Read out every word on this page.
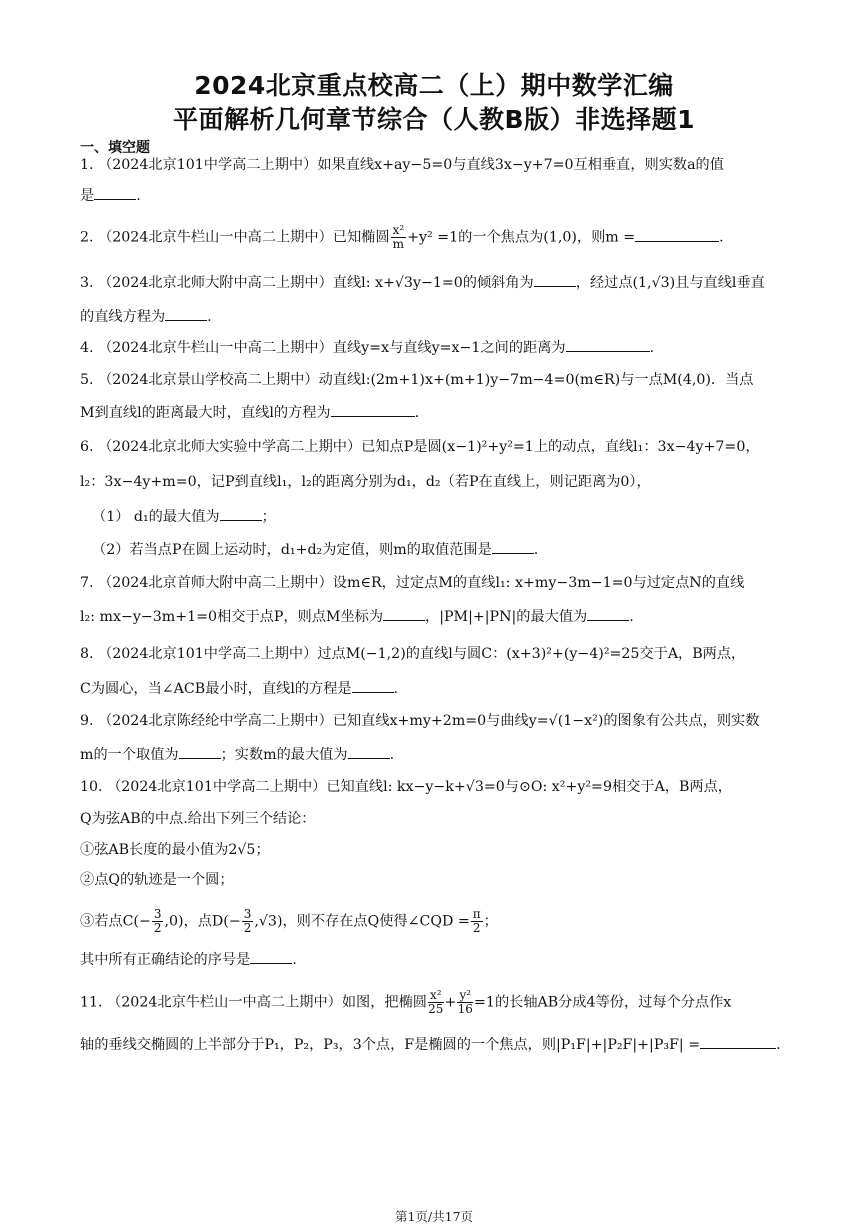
2024北京重点校高二（上）期中数学汇编
平面解析几何章节综合（人教B版）非选择题1
一、填空题
1. （2024北京101中学高二上期中）如果直线x+ay−5=0与直线3x−y+7=0互相垂直，则实数a的值
是	.
2. （2024北京牛栏山一中高二上期中）已知椭圆 $\frac{\text{x²}}{m} +y^2 =1$的一个焦点为(1,0)，则m =	.
3. （2024北京北师大附中高二上期中）直线l: x+√3y−1=0的倾斜角为	，经过点(1,√3)且与直线l垂直
的直线方程为	.
4. （2024北京牛栏山一中高二上期中）直线y=x与直线y=x−1之间的距离为	.
5. （2024北京景山学校高二上期中）动直线l:(2m+1)x+(m+1)y−7m−4=0(m∈R)与一点M(4,0)．当点
M到直线l的距离最大时，直线l的方程为	.
6. （2024北京北师大实验中学高二上期中）已知点P是圆(x−1)²+y²=1上的动点，直线l₁：3x−4y+7=0，
l₂：3x−4y+m=0，记P到直线l₁，l₂的距离分别为d₁，d₂（若P在直线上，则记距离为0），
（1） d₁的最大值为	；
（2）若当点P在圆上运动时，d₁+d₂为定值，则m的取值范围是	.
7. （2024北京首师大附中高二上期中）设m∈R，过定点M的直线l₁: x+my−3m−1=0与过定点N的直线
l₂: mx−y−3m+1=0相交于点P，则点M坐标为	，|PM|+|PN|的最大值为	.
8. （2024北京101中学高二上期中）过点M(−1,2)的直线l与圆C：(x+3)²+(y−4)²=25交于A，B两点，
C为圆心，当∠ACB最小时，直线l的方程是	.
9. （2024北京陈经纶中学高二上期中）已知直线x+my+2m=0与曲线y=√(1−x²)的图象有公共点，则实数
m的一个取值为	；实数m的最大值为	.
10. （2024北京101中学高二上期中）已知直线l: kx−y−k+√3=0与⊙O: x²+y²=9相交于A，B两点，
Q为弦AB的中点.给出下列三个结论：
①弦AB长度的最小值为2√5；
②点Q的轨迹是一个圆；
③若点$C(- \frac{3}{2} ,0)$，点$D(- \frac{3}{2} ,√3)$，则不存在点Q使得∠CQD = $\frac{\pi}{2}$ ；
其中所有正确结论的序号是	.
11. （2024北京牛栏山一中高二上期中）如图，把椭圆 $\frac{\text{x²}}{25} + \frac{\text{y²}}{16} =1$的长轴AB分成4等份，过每个分点作x
轴的垂线交椭圆的上半部分于P₁，P₂，P₃，3个点，F是椭圆的一个焦点，则|P₁F|+|P₂F|+|P₃F| =	.
第1页/共17页
